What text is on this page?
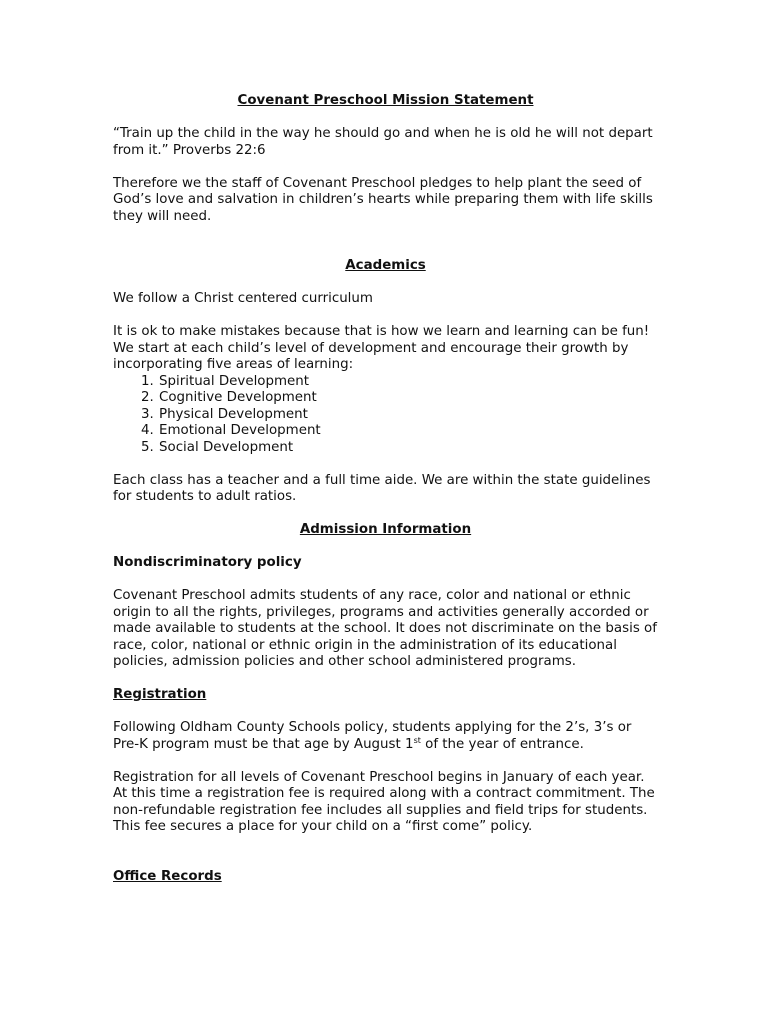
Covenant Preschool Mission Statement

“Train up the child in the way he should go and when he is old he will not depart from it.” Proverbs 22:6

Therefore we the staff of Covenant Preschool pledges to help plant the seed of God’s love and salvation in children’s hearts while preparing them with life skills they will need.

Academics

We follow a Christ centered curriculum

It is ok to make mistakes because that is how we learn and learning can be fun! We start at each child’s level of development and encourage their growth by incorporating five areas of learning:

1. Spiritual Development
2. Cognitive Development
3. Physical Development
4. Emotional Development
5. Social Development

Each class has a teacher and a full time aide. We are within the state guidelines for students to adult ratios.

Admission Information

Nondiscriminatory policy

Covenant Preschool admits students of any race, color and national or ethnic origin to all the rights, privileges, programs and activities generally accorded or made available to students at the school. It does not discriminate on the basis of race, color, national or ethnic origin in the administration of its educational policies, admission policies and other school administered programs.

Registration

Following Oldham County Schools policy, students applying for the 2’s, 3’s or Pre-K program must be that age by August 1st of the year of entrance.

Registration for all levels of Covenant Preschool begins in January of each year. At this time a registration fee is required along with a contract commitment. The non-refundable registration fee includes all supplies and field trips for students. This fee secures a place for your child on a “first come” policy.

Office Records
